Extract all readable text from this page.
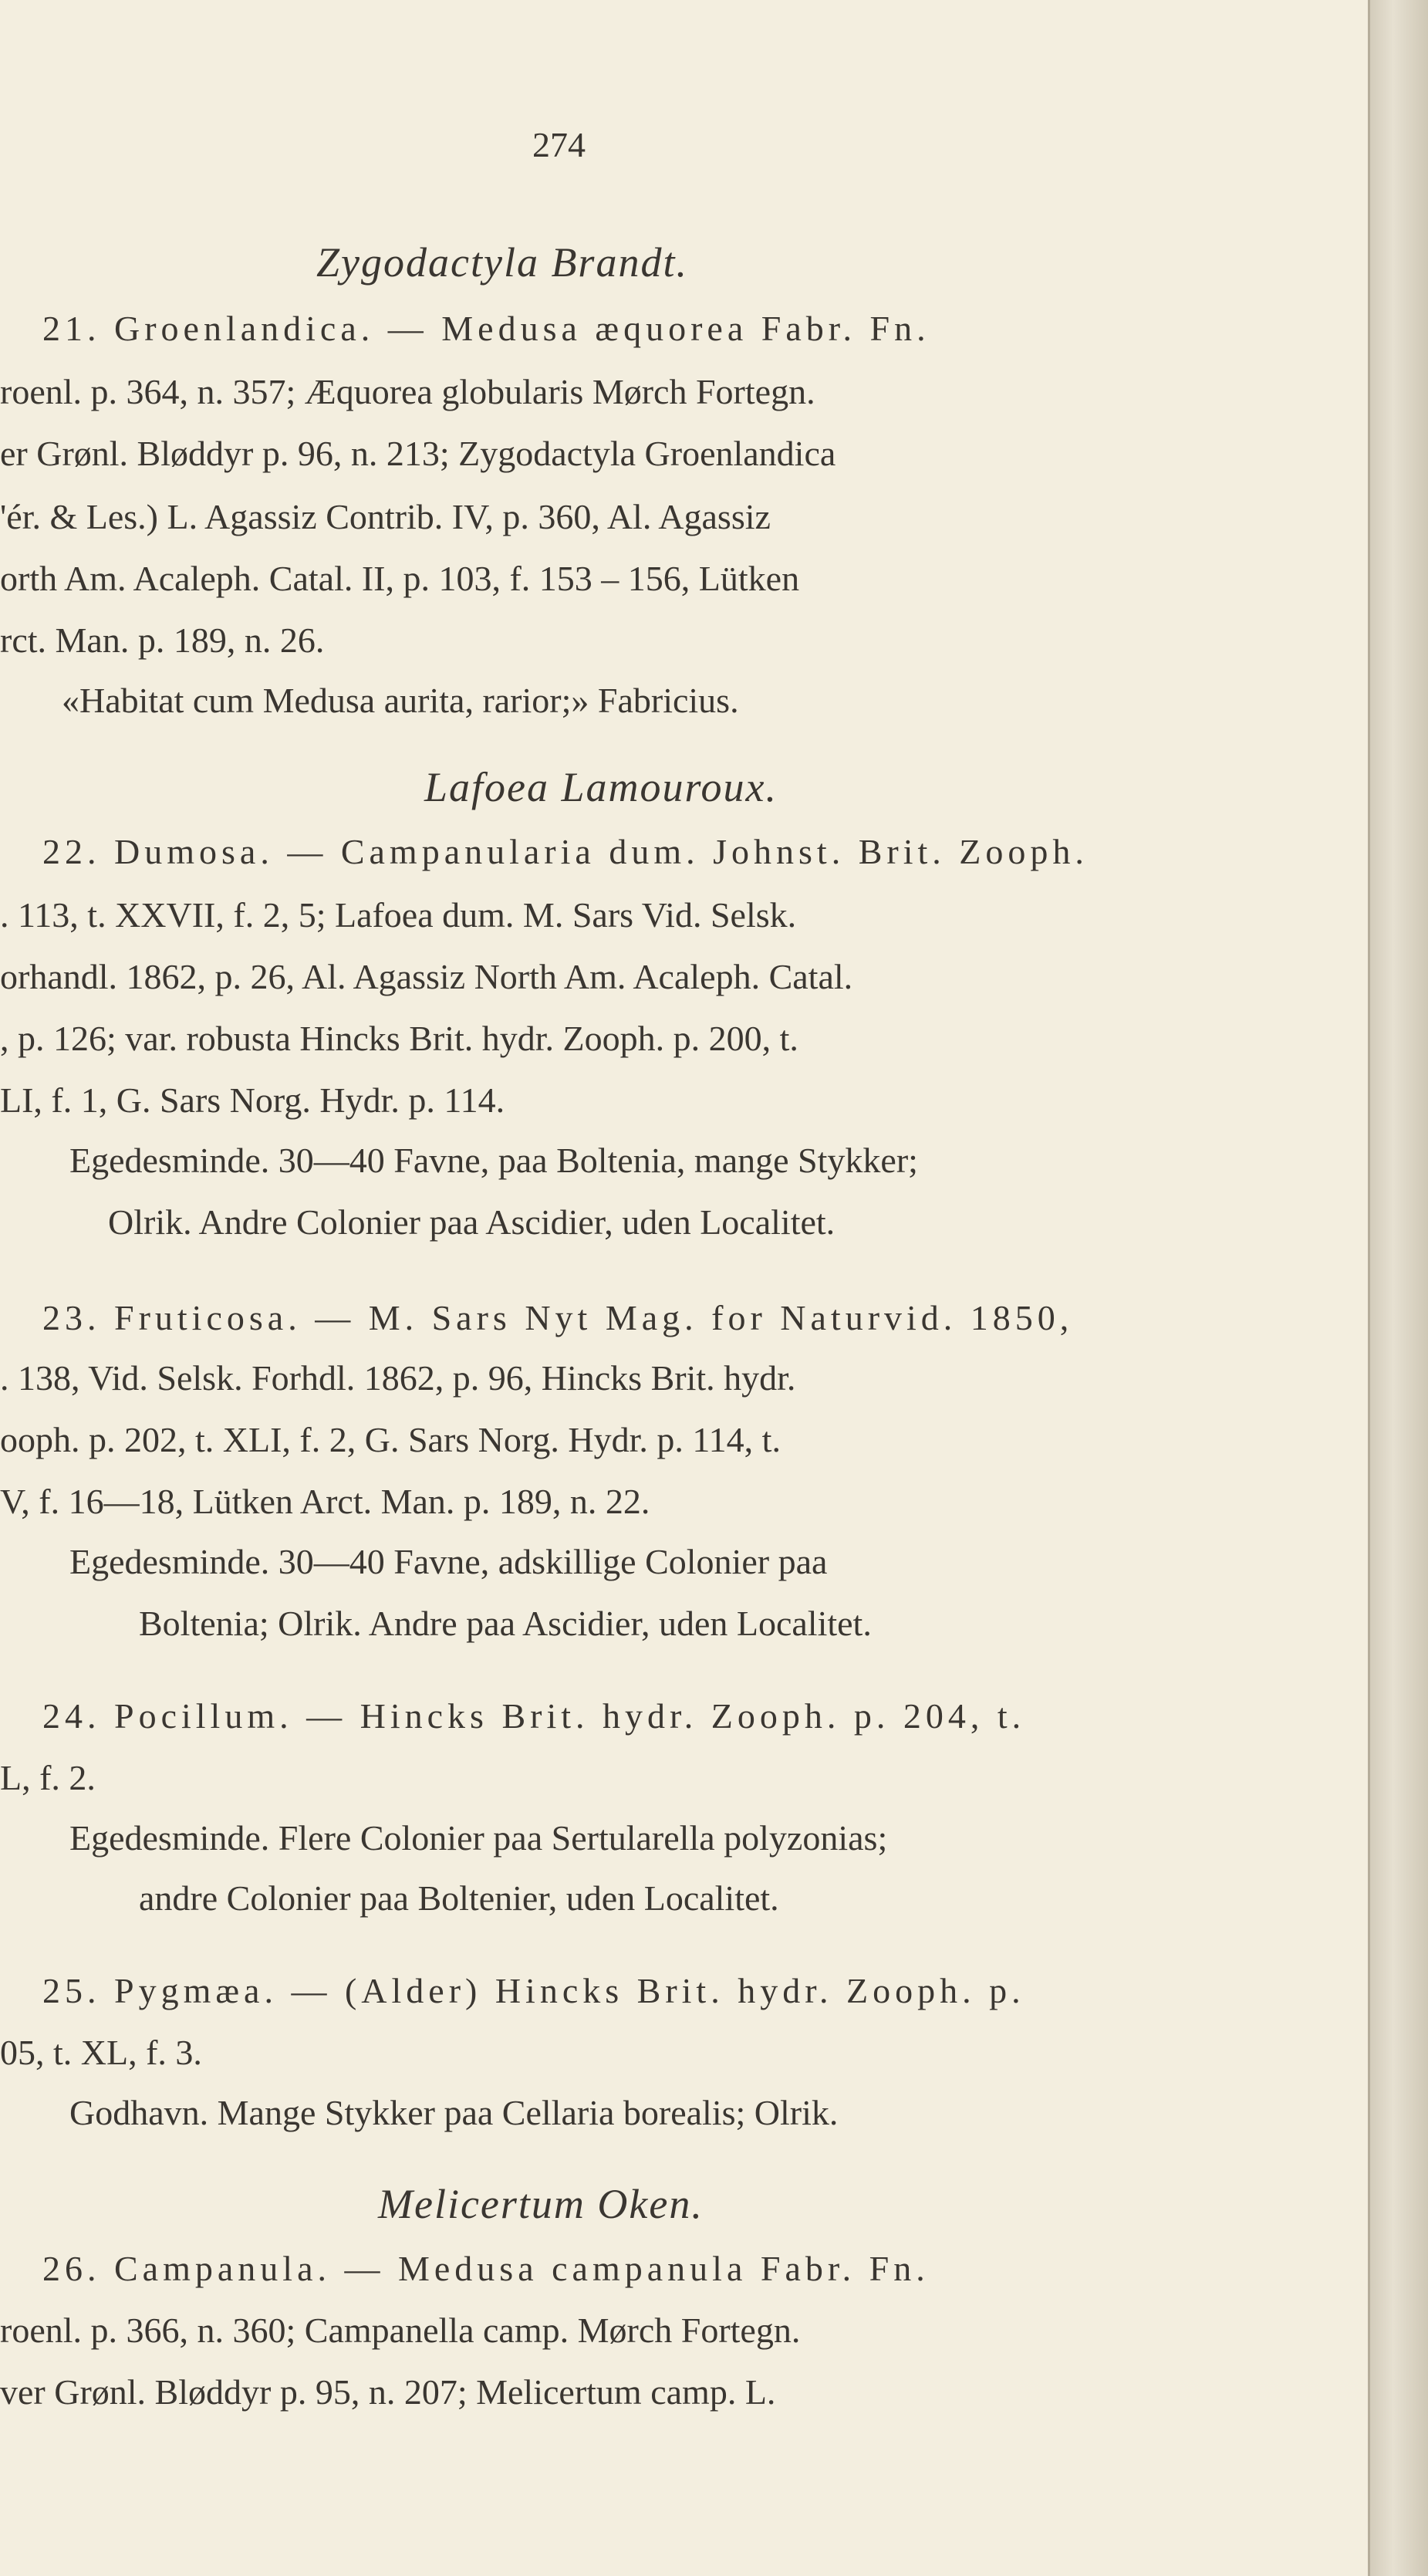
274
Zygodactyla Brandt.
21. Groenlandica. — Medusa æquorea Fabr. Fn.
roenl. p. 364, n. 357; Æquorea globularis Mørch Fortegn.
er Grønl. Bløddyr p. 96, n. 213; Zygodactyla Groenlandica
'ér. & Les.) L. Agassiz Contrib. IV, p. 360, Al. Agassiz
orth Am. Acaleph. Catal. II, p. 103, f. 153 – 156, Lütken
rct. Man. p. 189, n. 26.
«Habitat cum Medusa aurita, rarior;» Fabricius.
Lafoea Lamouroux.
22. Dumosa. — Campanularia dum. Johnst. Brit. Zooph.
. 113, t. XXVII, f. 2, 5; Lafoea dum. M. Sars Vid. Selsk.
orhandl. 1862, p. 26, Al. Agassiz North Am. Acaleph. Catal.
, p. 126; var. robusta Hincks Brit. hydr. Zooph. p. 200, t.
LI, f. 1, G. Sars Norg. Hydr. p. 114.
Egedesminde. 30—40 Favne, paa Boltenia, mange Stykker;
Olrik. Andre Colonier paa Ascidier, uden Localitet.
23. Fruticosa. — M. Sars Nyt Mag. for Naturvid. 1850,
. 138, Vid. Selsk. Forhdl. 1862, p. 96, Hincks Brit. hydr.
ooph. p. 202, t. XLI, f. 2, G. Sars Norg. Hydr. p. 114, t.
V, f. 16—18, Lütken Arct. Man. p. 189, n. 22.
Egedesminde. 30—40 Favne, adskillige Colonier paa
Boltenia; Olrik. Andre paa Ascidier, uden Localitet.
24. Pocillum. — Hincks Brit. hydr. Zooph. p. 204, t.
L, f. 2.
Egedesminde. Flere Colonier paa Sertularella polyzonias;
andre Colonier paa Boltenier, uden Localitet.
25. Pygmæa. — (Alder) Hincks Brit. hydr. Zooph. p.
05, t. XL, f. 3.
Godhavn. Mange Stykker paa Cellaria borealis; Olrik.
Melicertum Oken.
26. Campanula. — Medusa campanula Fabr. Fn.
roenl. p. 366, n. 360; Campanella camp. Mørch Fortegn.
ver Grønl. Bløddyr p. 95, n. 207; Melicertum camp. L.
